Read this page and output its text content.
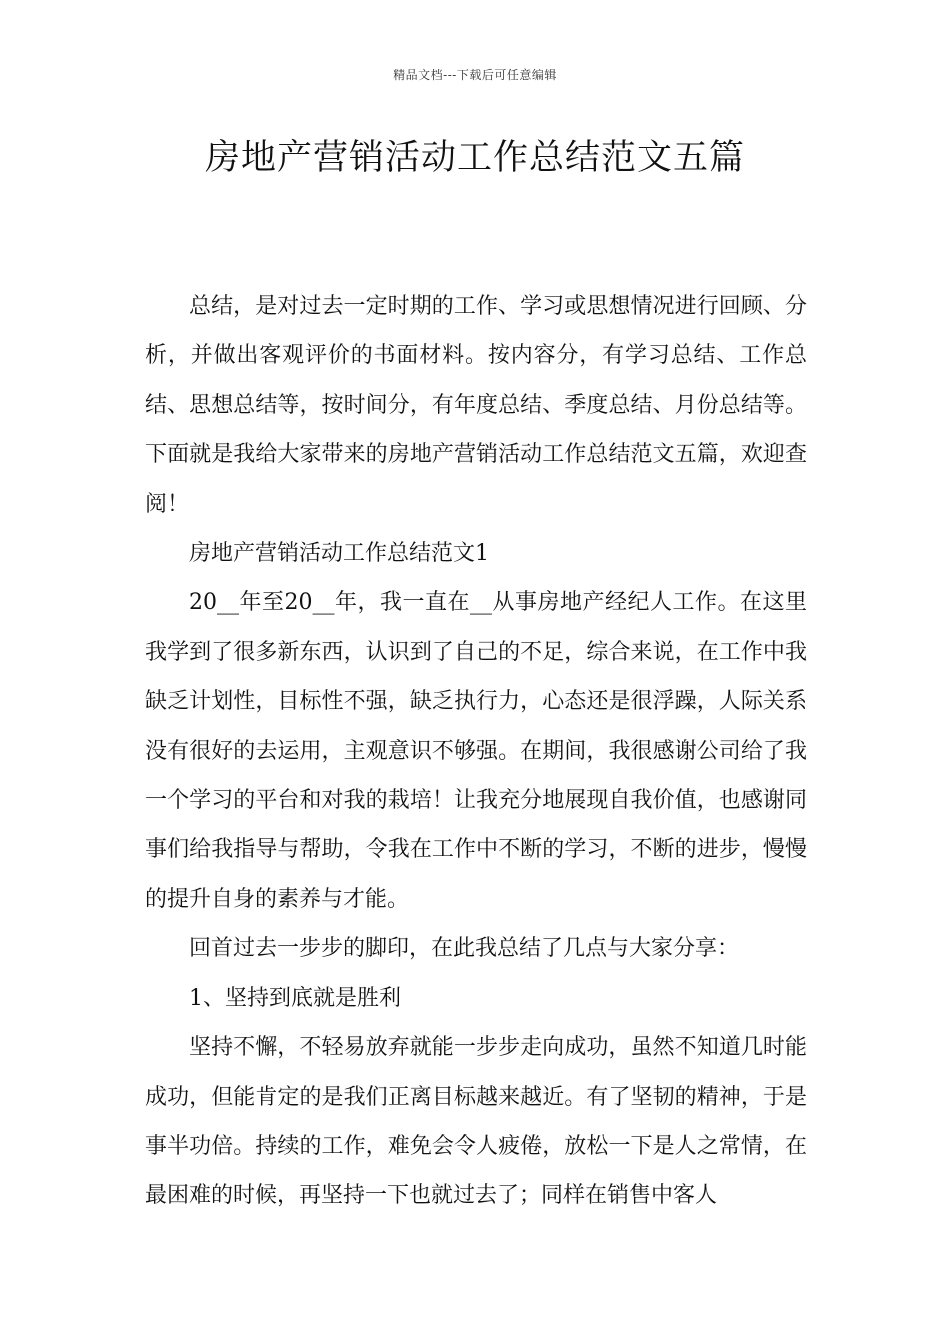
精品文档---下载后可任意编辑
房地产营销活动工作总结范文五篇

总结，是对过去一定时期的工作、学习或思想情况进行回顾、分析，并做出客观评价的书面材料。按内容分，有学习总结、工作总结、思想总结等，按时间分，有年度总结、季度总结、月份总结等。下面就是我给大家带来的房地产营销活动工作总结范文五篇，欢迎查阅！

房地产营销活动工作总结范文1

20__年至20__年，我一直在__从事房地产经纪人工作。在这里我学到了很多新东西，认识到了自己的不足，综合来说，在工作中我缺乏计划性，目标性不强，缺乏执行力，心态还是很浮躁，人际关系没有很好的去运用，主观意识不够强。在期间，我很感谢公司给了我一个学习的平台和对我的栽培！让我充分地展现自我价值，也感谢同事们给我指导与帮助，令我在工作中不断的学习，不断的进步，慢慢的提升自身的素养与才能。

回首过去一步步的脚印，在此我总结了几点与大家分享：

1、坚持到底就是胜利

坚持不懈，不轻易放弃就能一步步走向成功，虽然不知道几时能成功，但能肯定的是我们正离目标越来越近。有了坚韧的精神，于是事半功倍。持续的工作，难免会令人疲倦，放松一下是人之常情，在最困难的时候，再坚持一下也就过去了；同样在销售中客人
